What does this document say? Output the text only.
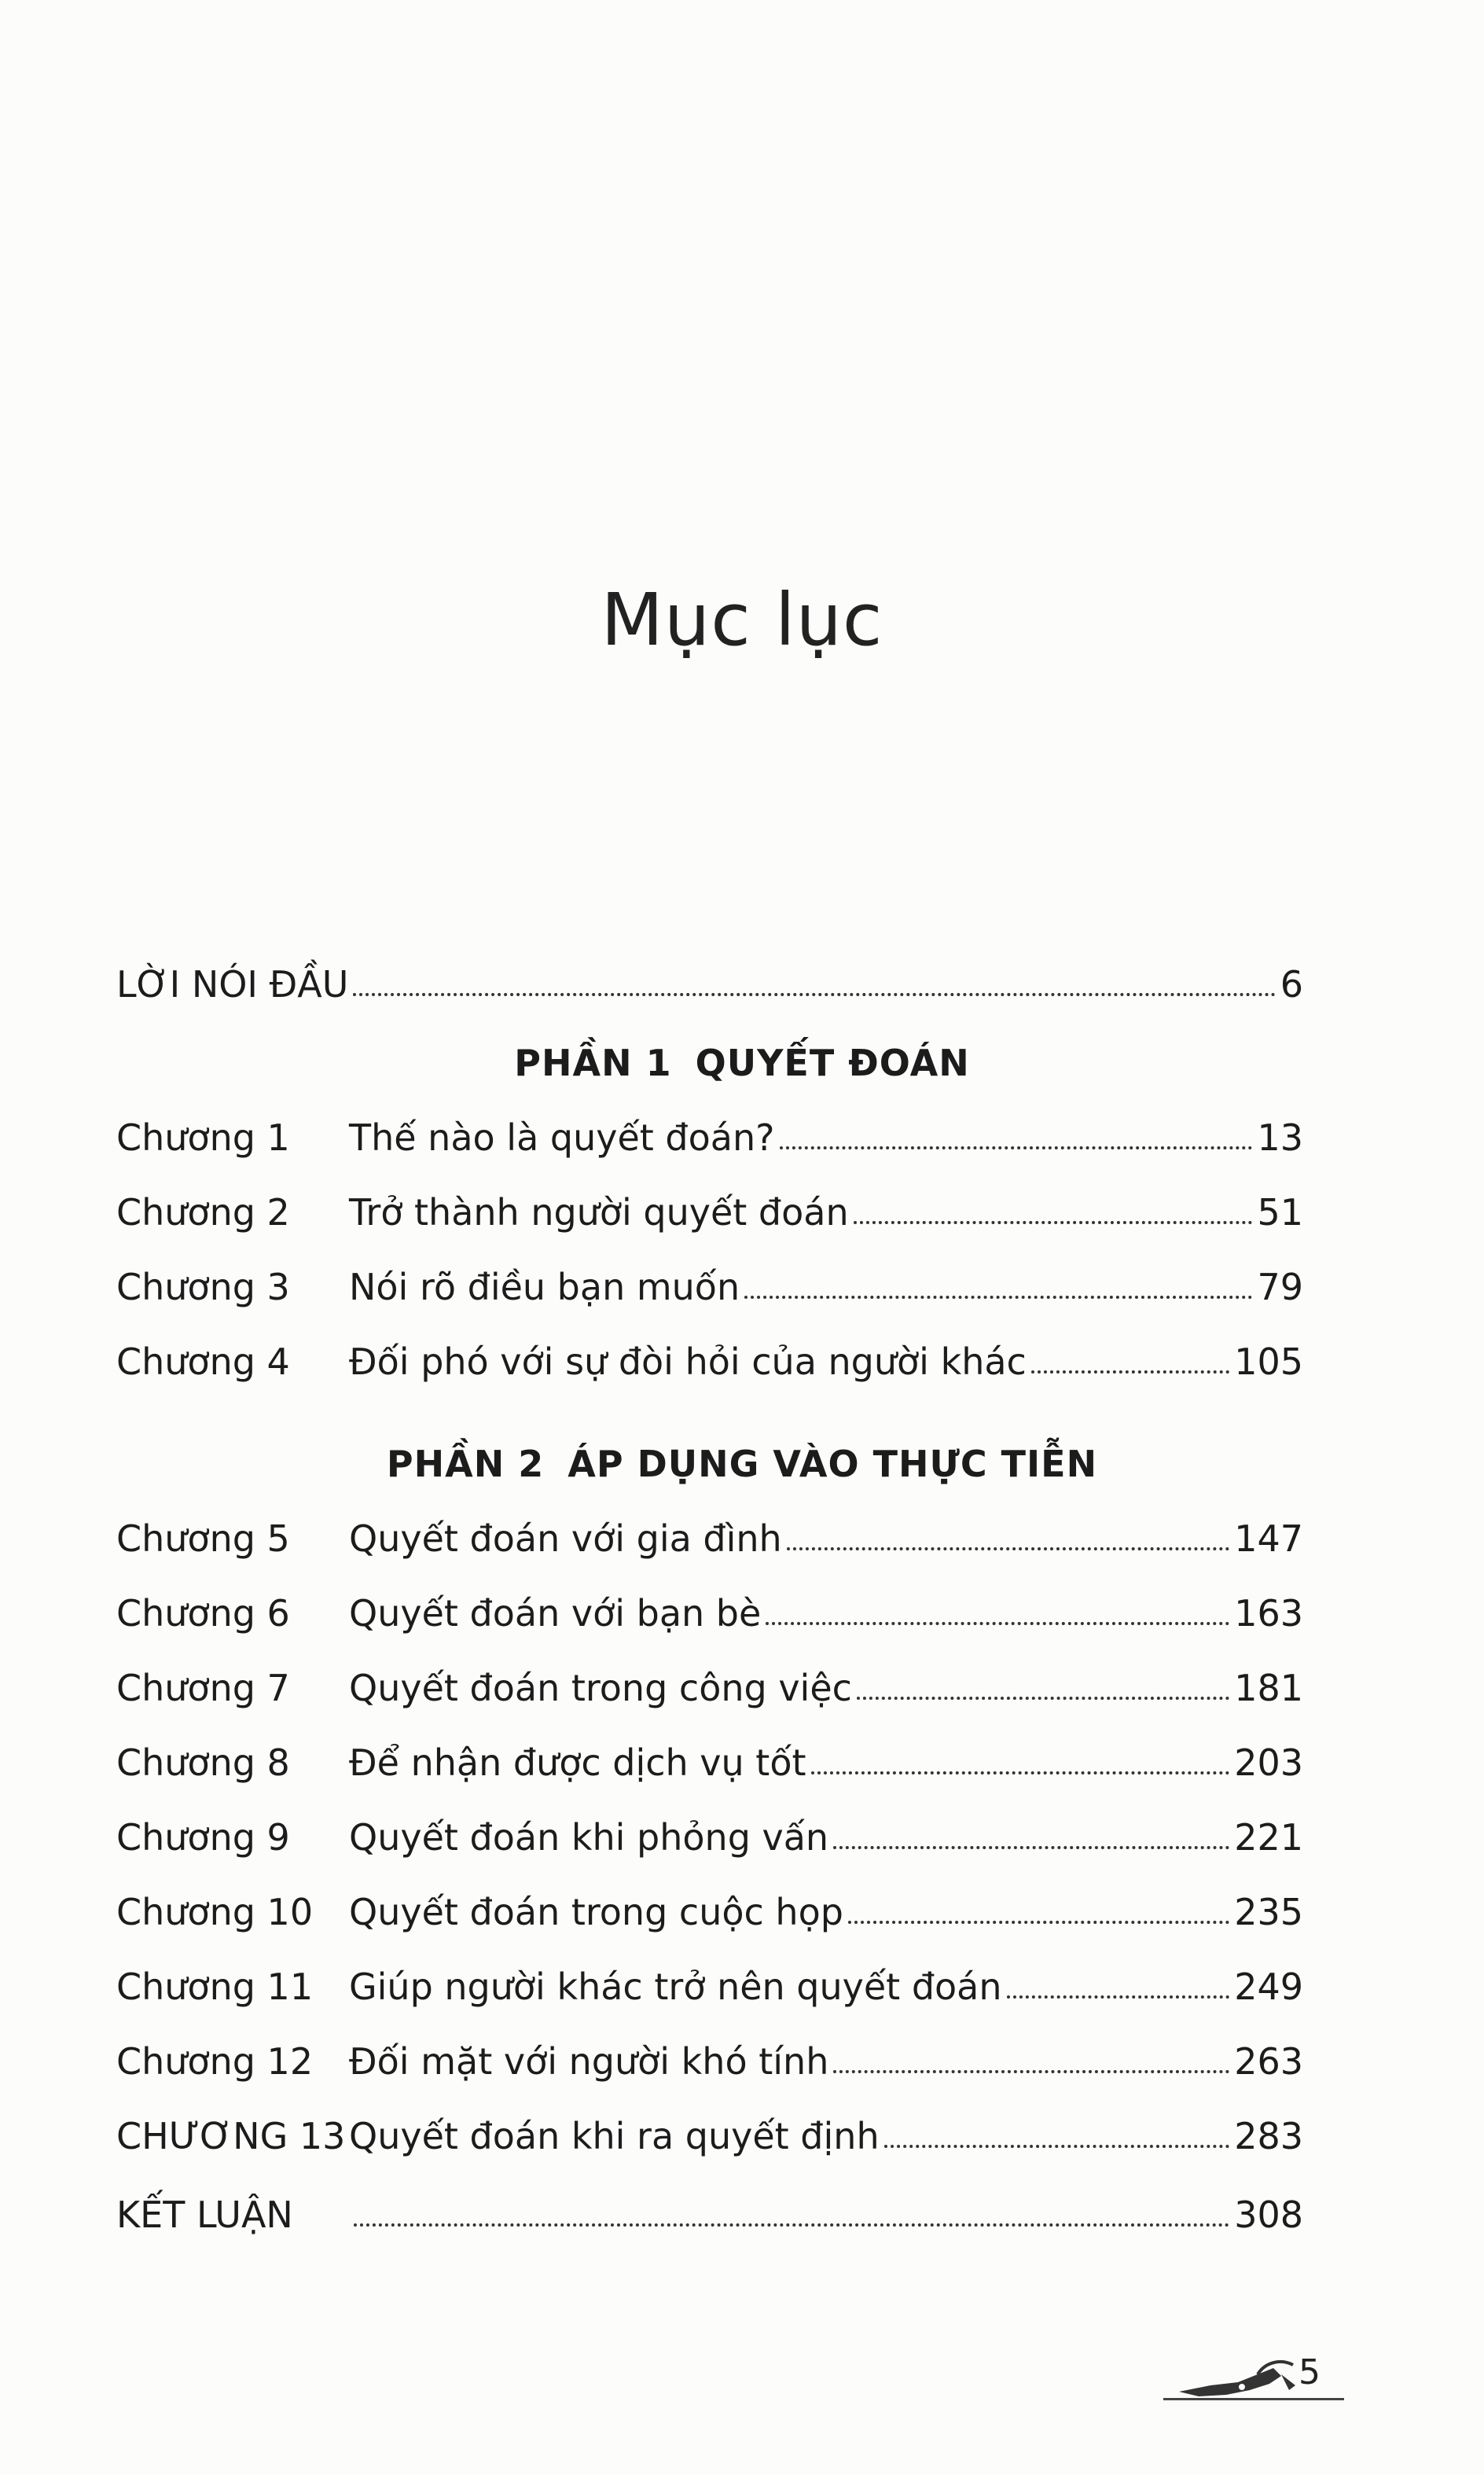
Mục lục
LỜI NÓI ĐẦU	6
PHẦN 1 QUYẾT ĐOÁN
Chương 1	Thế nào là quyết đoán?	13
Chương 2	Trở thành người quyết đoán	51
Chương 3	Nói rõ điều bạn muốn	79
Chương 4	Đối phó với sự đòi hỏi của người khác	105
PHẦN 2 ÁP DỤNG VÀO THỰC TIỄN
Chương 5	Quyết đoán với gia đình	147
Chương 6	Quyết đoán với bạn bè	163
Chương 7	Quyết đoán trong công việc	181
Chương 8	Để nhận được dịch vụ tốt	203
Chương 9	Quyết đoán khi phỏng vấn	221
Chương 10 Quyết đoán trong cuộc họp	235
Chương 11 Giúp người khác trở nên quyết đoán	249
Chương 12 Đối mặt với người khó tính	263
CHƯƠNG 13 Quyết đoán khi ra quyết định	283
KẾT LUẬN	308
5
